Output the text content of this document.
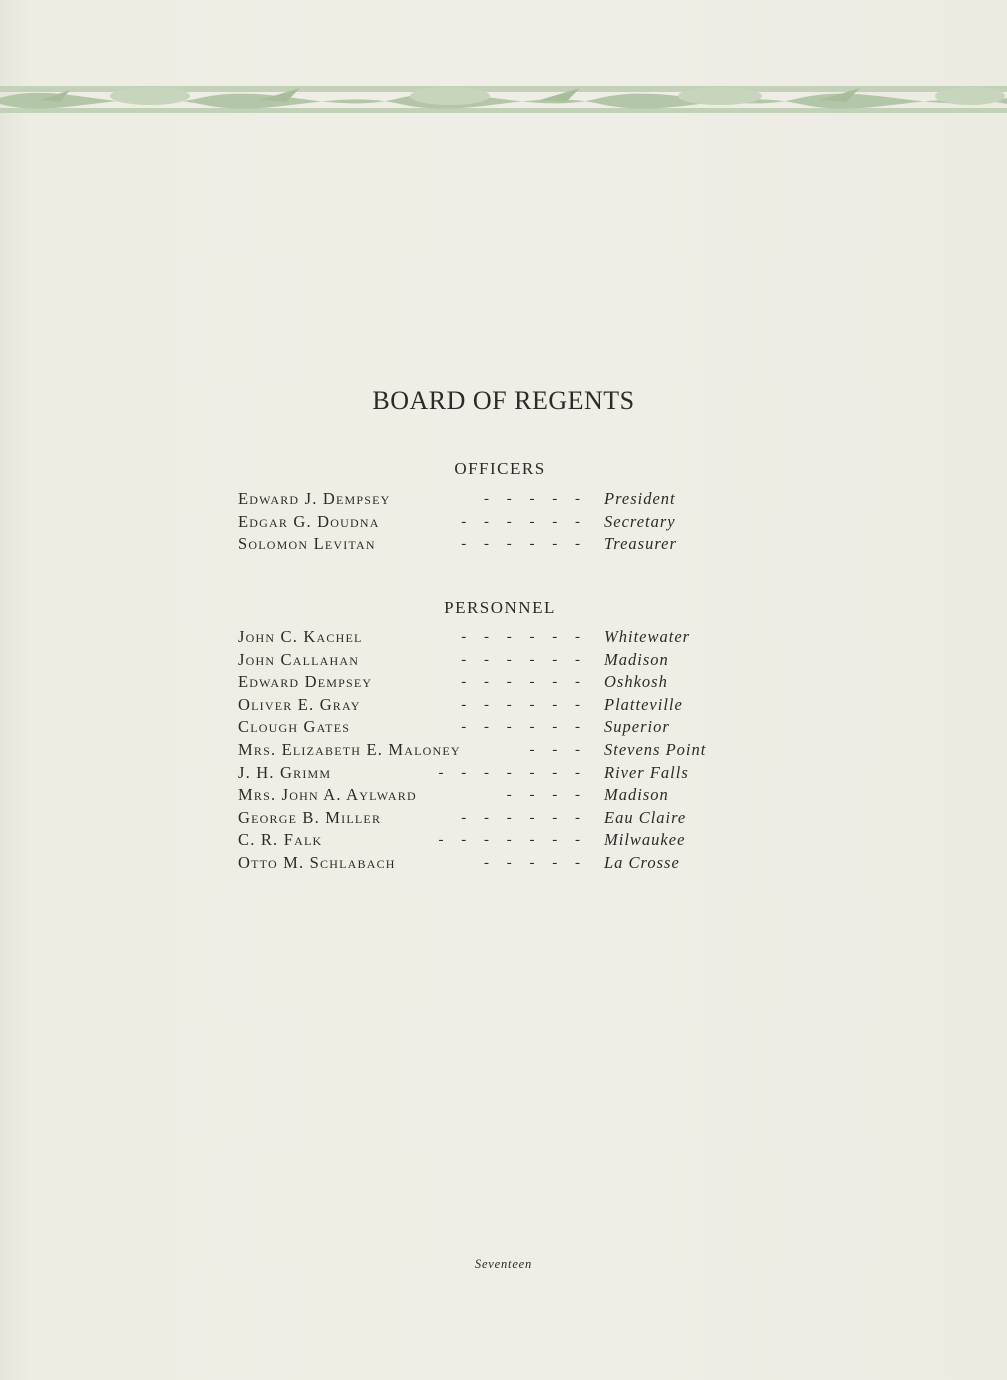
BOARD OF REGENTS
OFFICERS
Edward J. Dempsey	- - - - - President
Edgar G. Doudna	- - - - - - Secretary
Solomon Levitan	- - - - - - Treasurer
PERSONNEL
John C. Kachel	- - - - - - Whitewater
John Callahan	- - - - - - Madison
Edward Dempsey	- - - - - - Oshkosh
Oliver E. Gray	- - - - - - Platteville
Clough Gates	- - - - - - Superior
Mrs. Elizabeth E. Maloney	- - - Stevens Point
J. H. Grimm	- - - - - - - River Falls
Mrs. John A. Aylward	- - - - Madison
George B. Miller	- - - - - - Eau Claire
C. R. Falk	- - - - - - - Milwaukee
Otto M. Schlabach	- - - - - La Crosse
Seventeen
